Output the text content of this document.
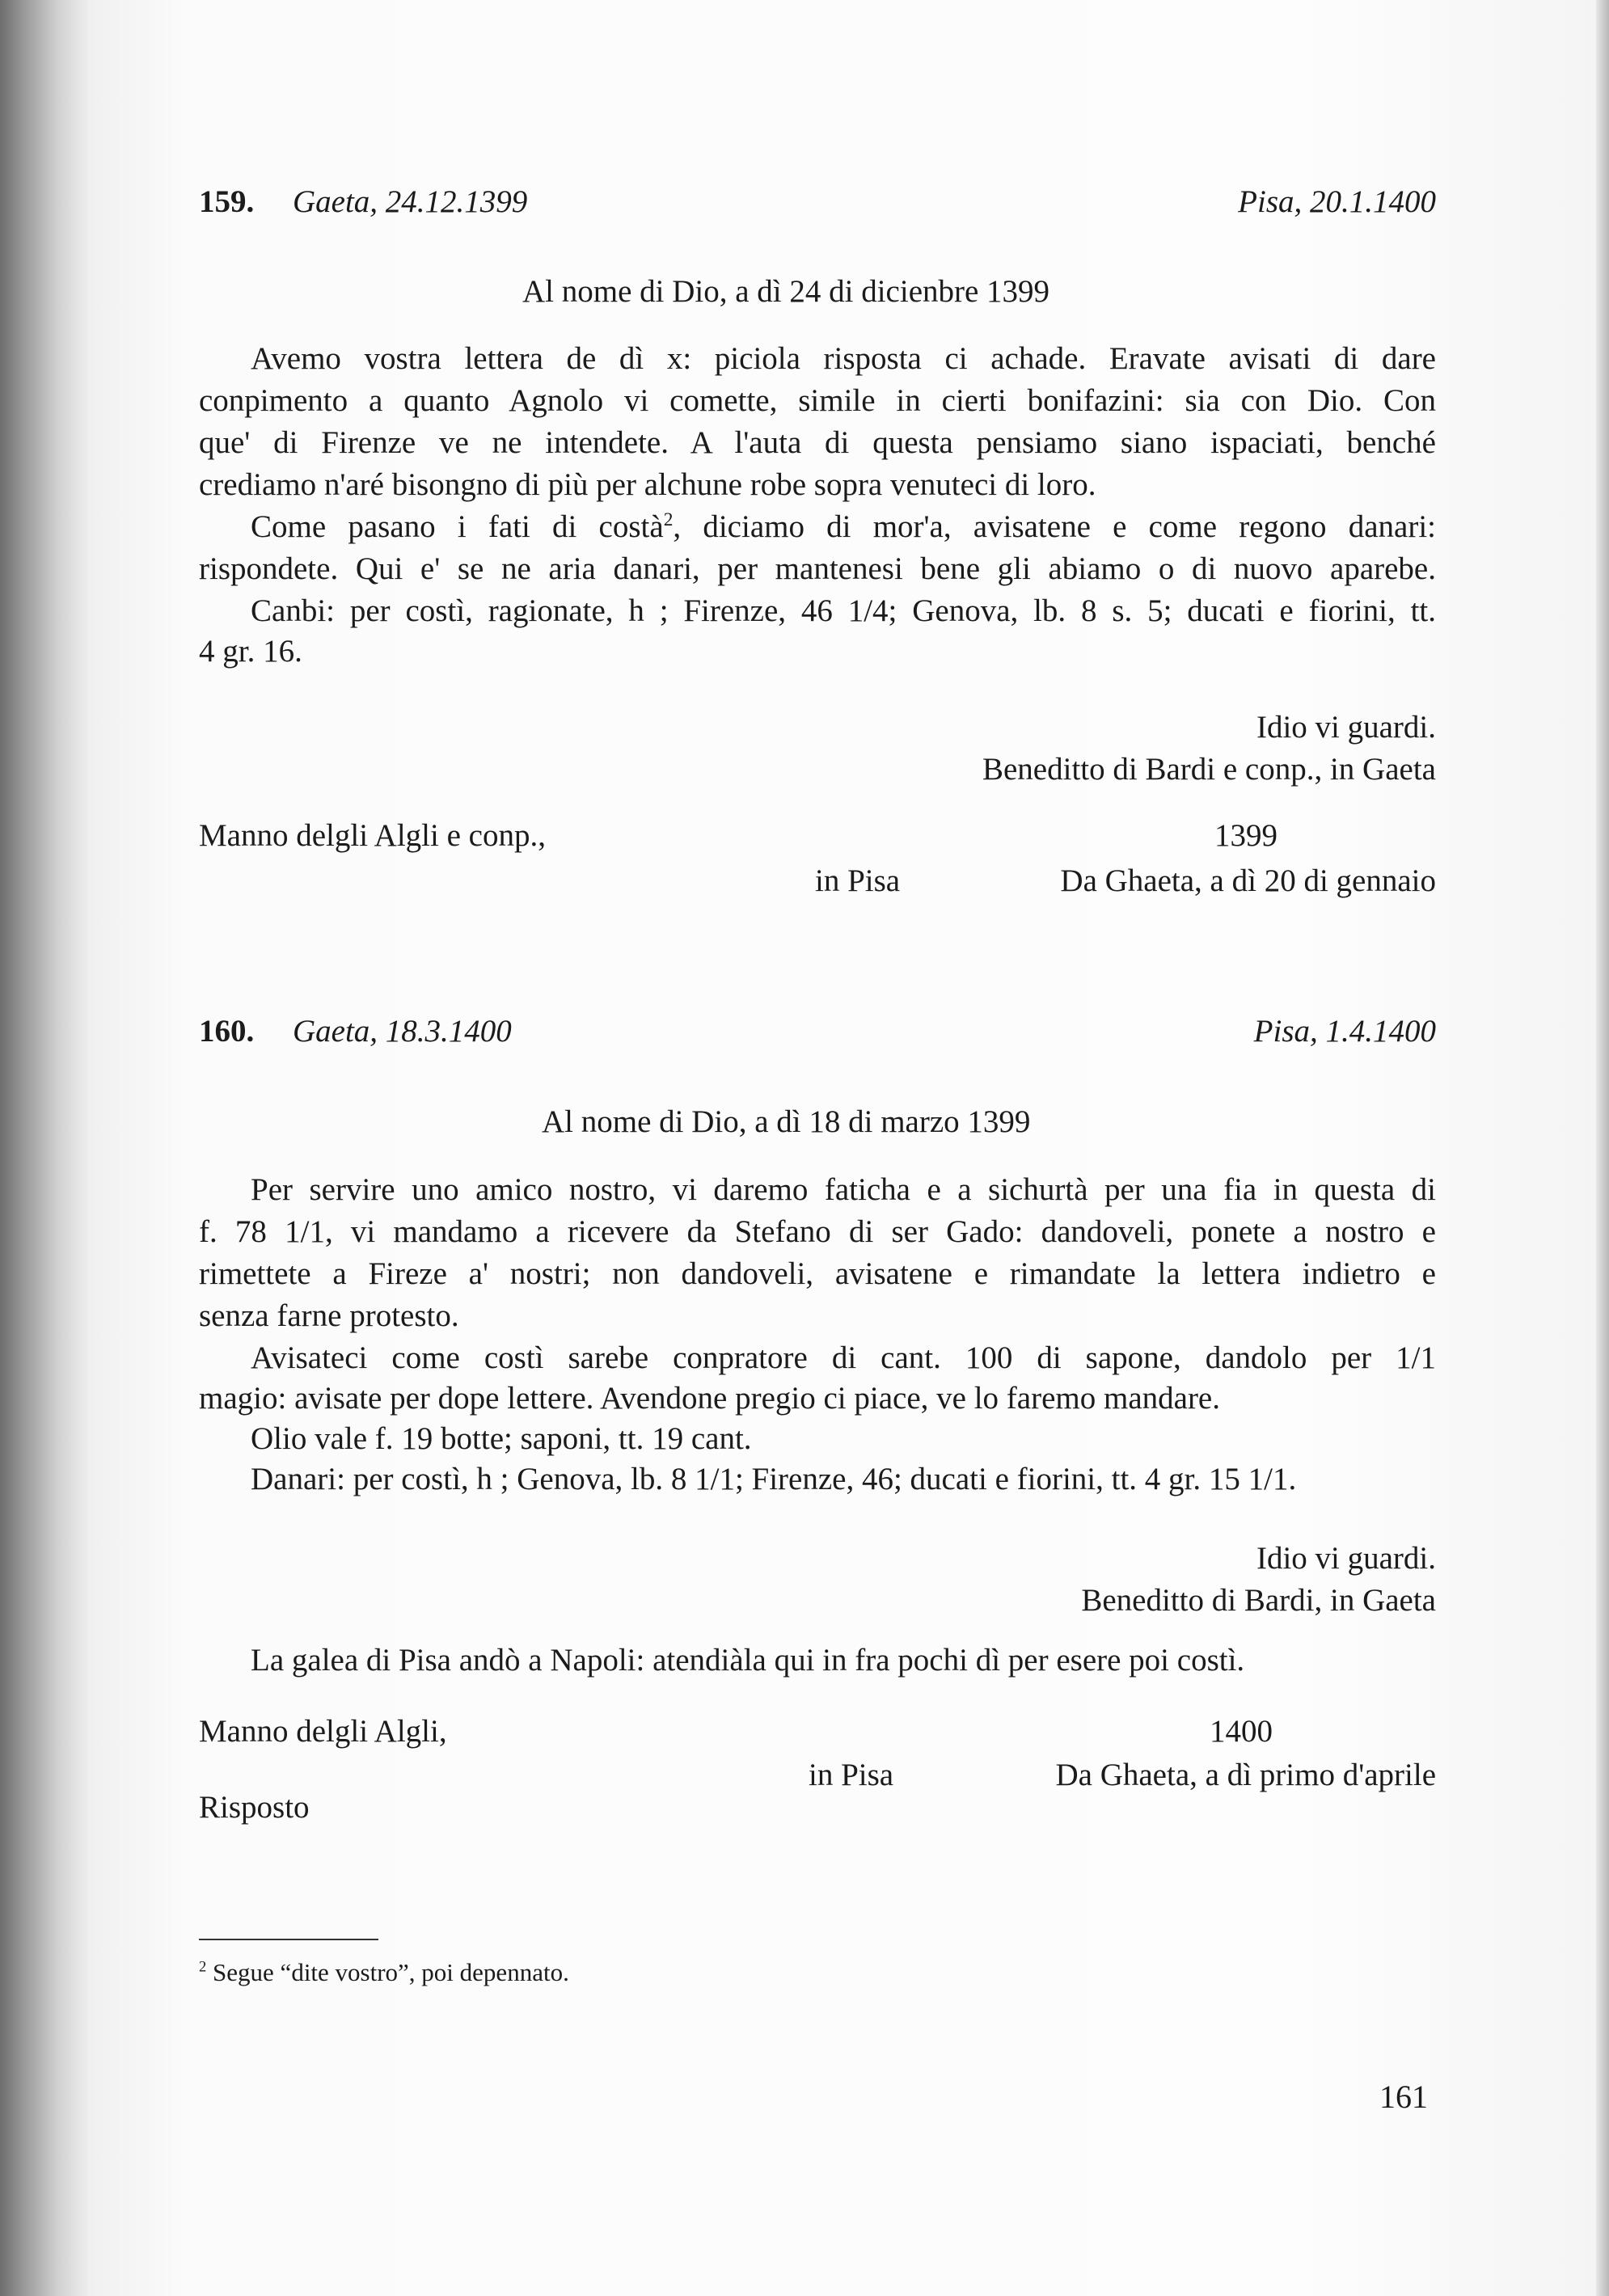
159. Gaeta, 24.12.1399	Pisa, 20.1.1400
Al nome di Dio, a dì 24 di dicienbre 1399
Avemo vostra lettera de dì x: piciola risposta ci achade. Eravate avisati di dare
conpimento a quanto Agnolo vi comette, simile in cierti bonifazini: sia con Dio. Con
que' di Firenze ve ne intendete. A l'auta di questa pensiamo siano ispaciati, benché
crediamo n'aré bisongno di più per alchune robe sopra venuteci di loro.
Come pasano i fati di costà$^2$, diciamo di mor'a, avisatene e come regono danari:
rispondete. Qui e' se ne aria danari, per mantenesi bene gli abiamo o di nuovo aparebe.
Canbi: per costì, ragionate, h ; Firenze, 46 1/4; Genova, lb. 8 s. 5; ducati e fiorini, tt.
4 gr. 16.
Idio vi guardi.
Beneditto di Bardi e conp., in Gaeta
Manno delgli Algli e conp.,	1399
in Pisa	Da Ghaeta, a dì 20 di gennaio
160. Gaeta, 18.3.1400	Pisa, 1.4.1400
Al nome di Dio, a dì 18 di marzo 1399
Per servire uno amico nostro, vi daremo faticha e a sichurtà per una fia in questa di
f. 78 1/1, vi mandamo a ricevere da Stefano di ser Gado: dandoveli, ponete a nostro e
rimettete a Fireze a' nostri; non dandoveli, avisatene e rimandate la lettera indietro e
senza farne protesto.
Avisateci come costì sarebe conpratore di cant. 100 di sapone, dandolo per 1/1
magio: avisate per dope lettere. Avendone pregio ci piace, ve lo faremo mandare.
Olio vale f. 19 botte; saponi, tt. 19 cant.
Danari: per costì, h ; Genova, lb. 8 1/1; Firenze, 46; ducati e fiorini, tt. 4 gr. 15 1/1.
Idio vi guardi.
Beneditto di Bardi, in Gaeta
La galea di Pisa andò a Napoli: atendiàla qui in fra pochi dì per esere poi costì.
Manno delgli Algli,	1400
in Pisa	Da Ghaeta, a dì primo d'aprile
Risposto
$^2$ Segue “dite vostro”, poi depennato.
161
